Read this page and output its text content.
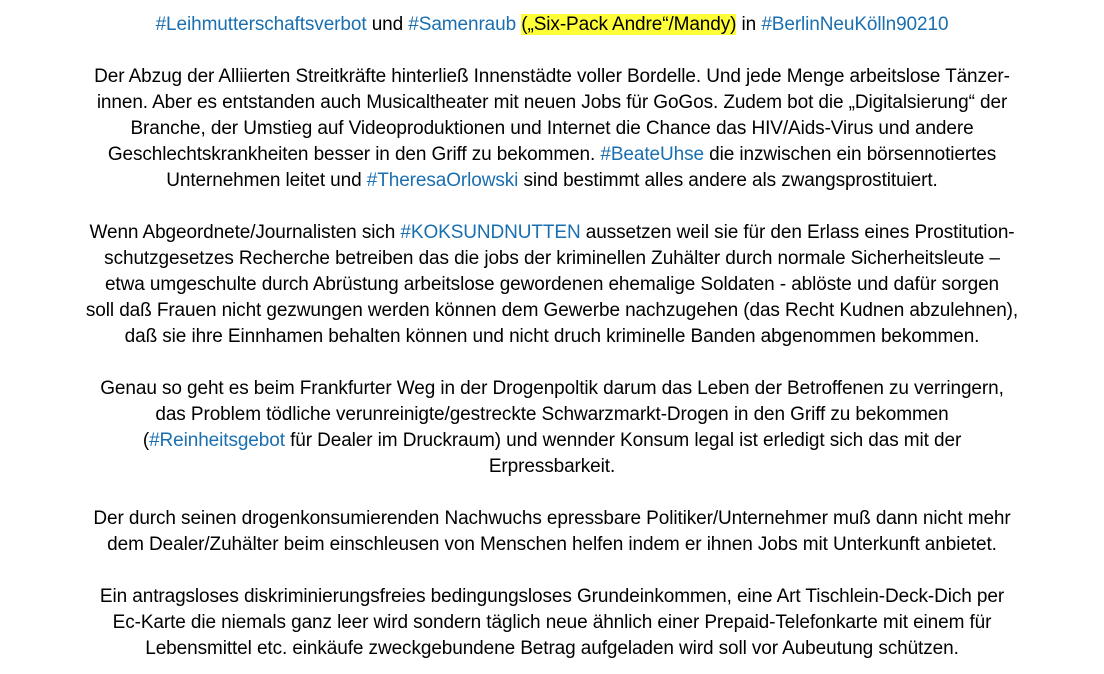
#Leihmutterschaftsverbot und #Samenraub („Six-Pack Andre“/Mandy) in #BerlinNeuKölln90210

Der Abzug der Alliierten Streitkräfte hinterließ Innenstädte voller Bordelle. Und jede Menge arbeitslose Tänzer-
innen. Aber es entstanden auch Musicaltheater mit neuen Jobs für GoGos. Zudem bot die „Digitalsierung“ der
Branche, der Umstieg auf Videoproduktionen und Internet die Chance das HIV/Aids-Virus und andere
Geschlechtskrankheiten besser in den Griff zu bekommen. #BeateUhse die inzwischen ein börsennotiertes
Unternehmen leitet und #TheresaOrlowski sind bestimmt alles andere als zwangsprostituiert.

Wenn Abgeordnete/Journalisten sich #KOKSUNDNUTTEN aussetzen weil sie für den Erlass eines Prostitution-
schutzgesetzes Recherche betreiben das die jobs der kriminellen Zuhälter durch normale Sicherheitsleute –
etwa umgeschulte durch Abrüstung arbeitslose gewordenen ehemalige Soldaten - ablöste und dafür sorgen
soll daß Frauen nicht gezwungen werden können dem Gewerbe nachzugehen (das Recht Kudnen abzulehnen),
daß sie ihre Einnhamen behalten können und nicht druch kriminelle Banden abgenommen bekommen.

Genau so geht es beim Frankfurter Weg in der Drogenpoltik darum das Leben der Betroffenen zu verringern,
das Problem tödliche verunreinigte/gestreckte Schwarzmarkt-Drogen in den Griff zu bekommen
(#Reinheitsgebot für Dealer im Druckraum) und wennder Konsum legal ist erledigt sich das mit der
Erpressbarkeit.

Der durch seinen drogenkonsumierenden Nachwuchs epressbare Politiker/Unternehmer muß dann nicht mehr
dem Dealer/Zuhälter beim einschleusen von Menschen helfen indem er ihnen Jobs mit Unterkunft anbietet.

Ein antragsloses diskriminierungsfreies bedingungsloses Grundeinkommen, eine Art Tischlein-Deck-Dich per
Ec-Karte die niemals ganz leer wird sondern täglich neue ähnlich einer Prepaid-Telefonkarte mit einem für
Lebensmittel etc. einkäufe zweckgebundene Betrag aufgeladen wird soll vor Aubeutung schützen.
